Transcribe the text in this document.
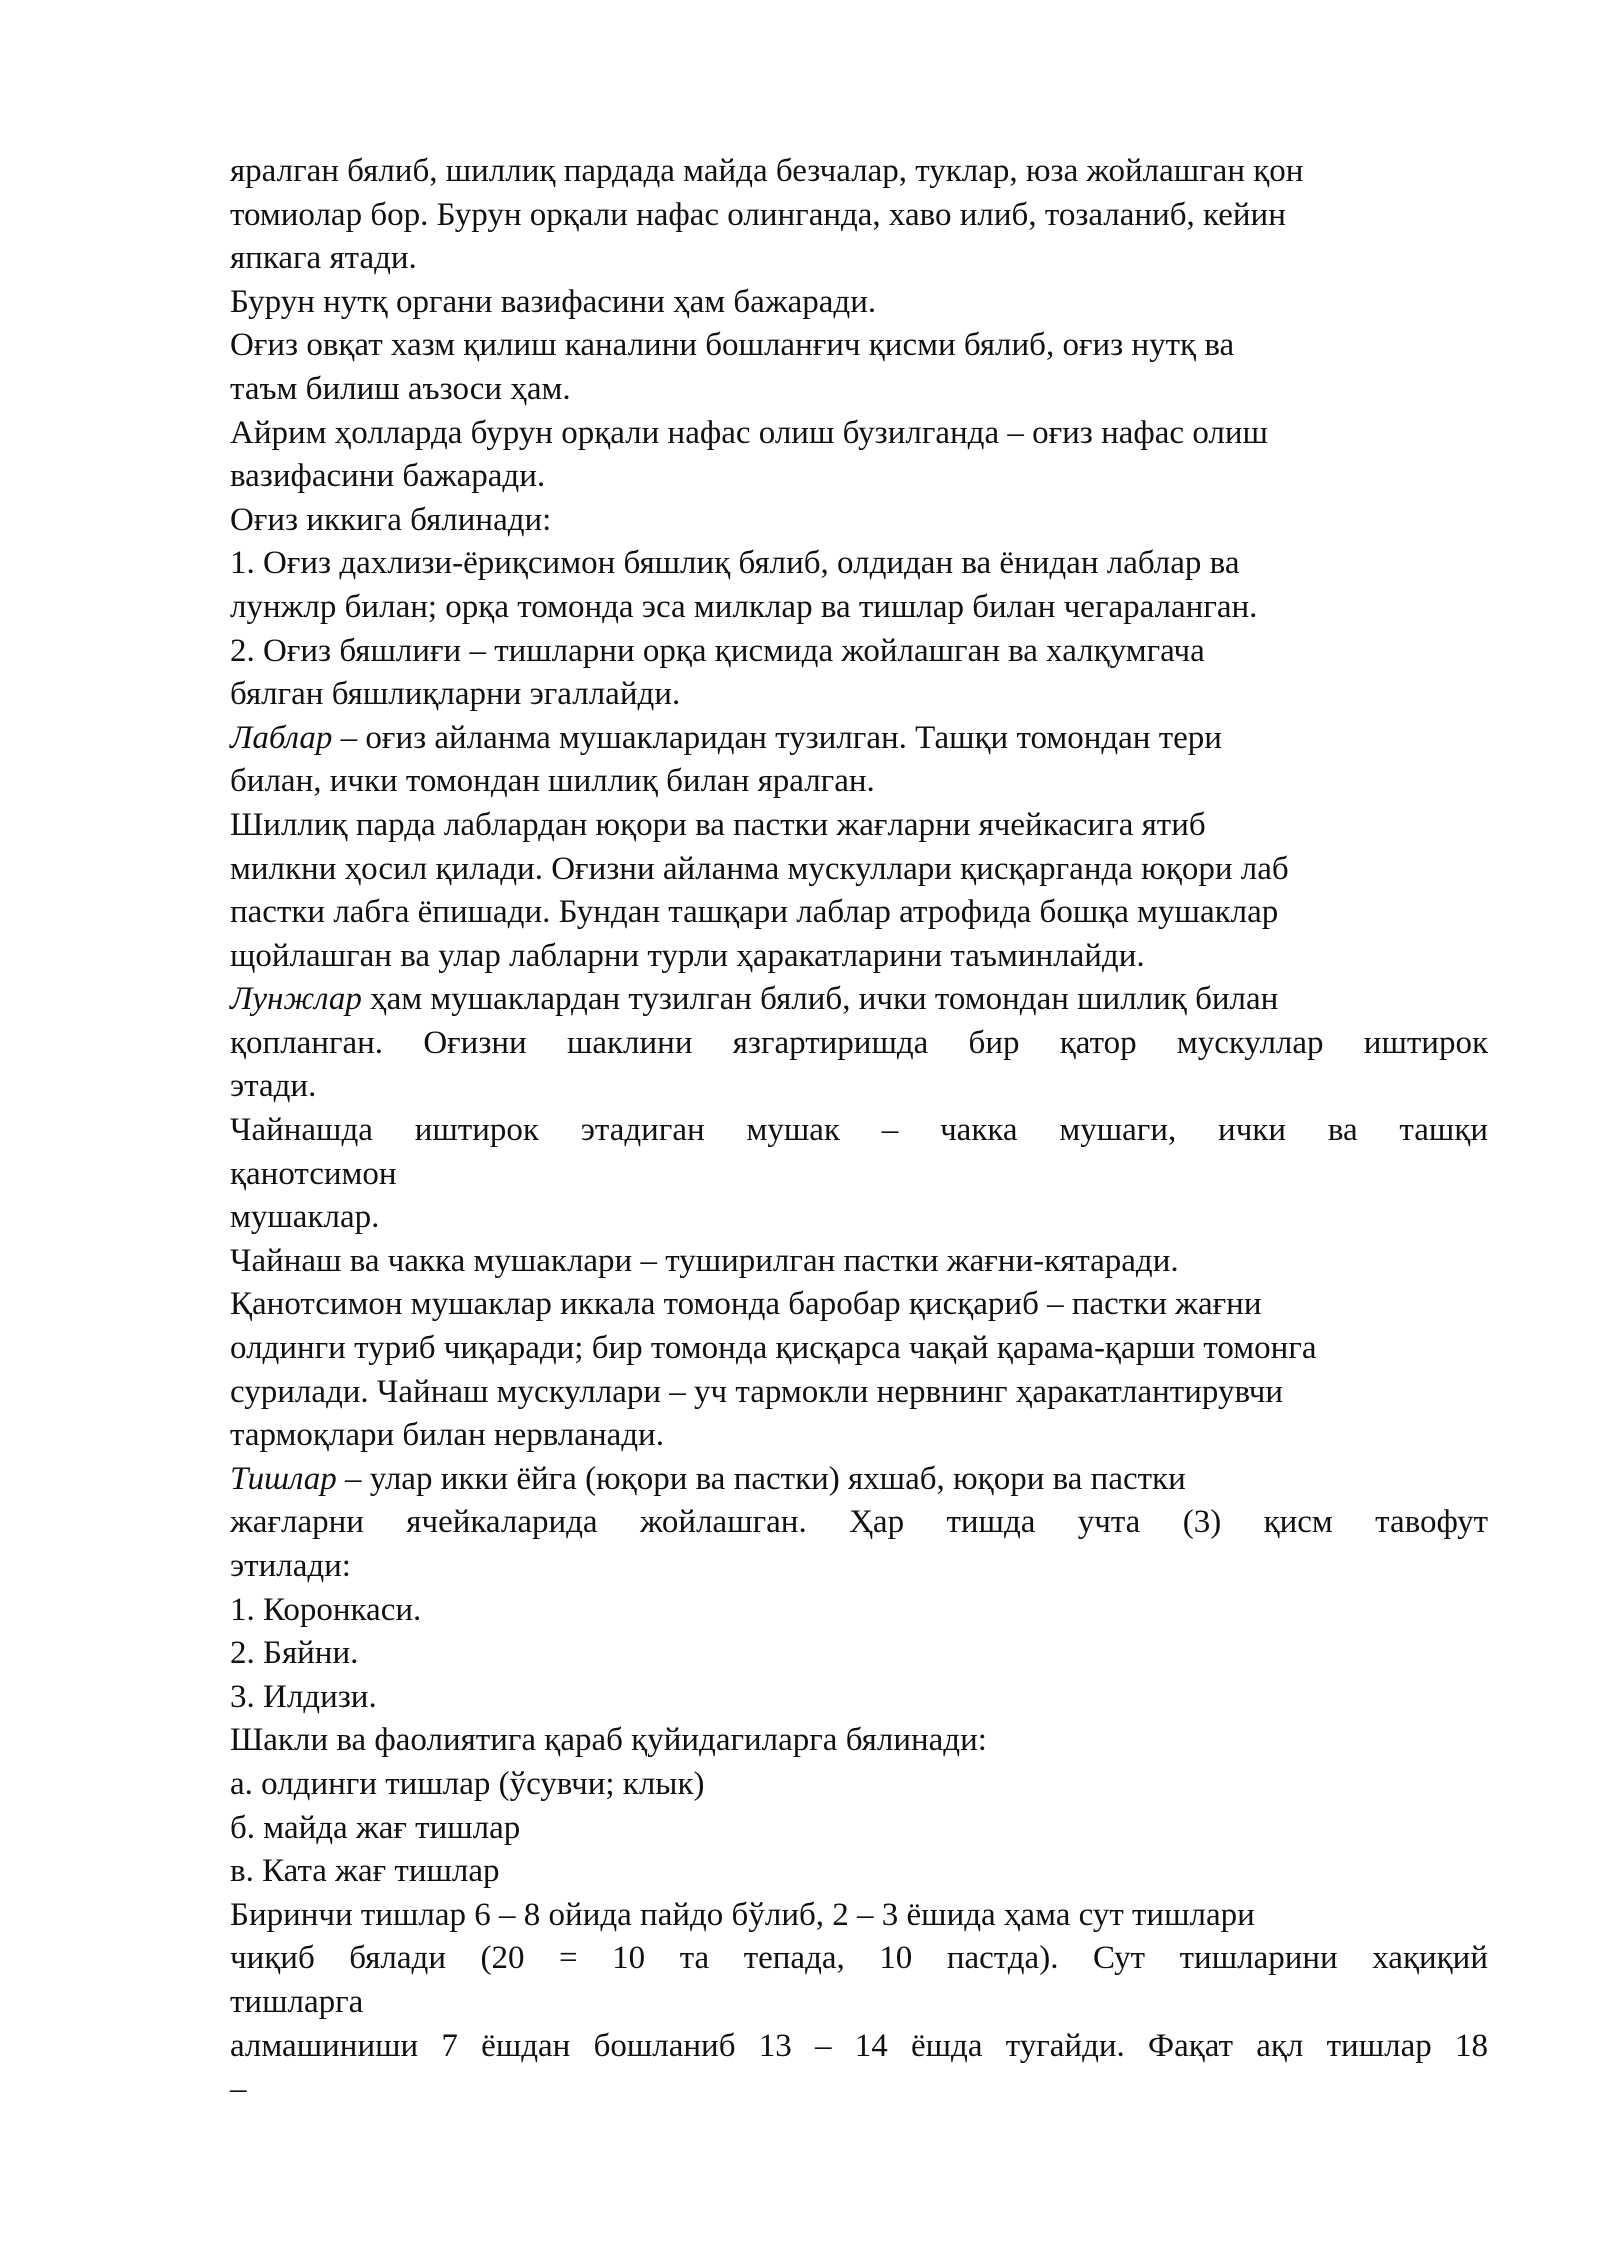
яралган бялиб, шиллиқ пардада майда безчалар, туклар, юза жойлашган қон
томиолар бор. Бурун орқали нафас олинганда, хаво илиб, тозаланиб, кейин
япкага ятади.
Бурун нутқ органи вазифасини ҳам бажаради.
Оғиз овқат хазм қилиш каналини бошланғич қисми бялиб, оғиз нутқ ва
таъм билиш аъзоси ҳам.
Айрим ҳолларда бурун орқали нафас олиш бузилганда – оғиз нафас олиш
вазифасини бажаради.
Оғиз иккига бялинади:
1. Оғиз дахлизи-ёриқсимон бяшлиқ бялиб, олдидан ва ёнидан лаблар ва
лунжлр билан; орқа томонда эса милклар ва тишлар билан чегараланган.
2. Оғиз бяшлиғи – тишларни орқа қисмида жойлашган ва халқумгача
бялган бяшлиқларни эгаллайди.
Лаблар – оғиз айланма мушакларидан тузилган. Ташқи томондан тери
билан, ички томондан шиллиқ билан яралган.
Шиллиқ парда лаблардан юқори ва пастки жағларни ячейкасига ятиб
милкни ҳосил қилади. Оғизни айланма мускуллари қисқарганда юқори лаб
пастки лабга ёпишади. Бундан ташқари лаблар атрофида бошқа мушаклар
щойлашган ва улар лабларни турли ҳаракатларини таъминлайди.
Лунжлар ҳам мушаклардан тузилган бялиб, ички томондан шиллиқ билан
қопланган. Оғизни шаклини язгартиришда бир қатор мускуллар иштирок
этади.
Чайнашда иштирок этадиган мушак – чакка мушаги, ички ва ташқи
қанотсимон
мушаклар.
Чайнаш ва чакка мушаклари – туширилган пастки жағни-кятаради.
Қанотсимон мушаклар иккала томонда баробар қисқариб – пастки жағни
олдинги туриб чиқаради; бир томонда қисқарса чақай қарама-қарши томонга
сурилади. Чайнаш мускуллари – уч тармокли нервнинг ҳаракатлантирувчи
тармоқлари билан нервланади.
Тишлар – улар икки ёйга (юқори ва пастки) яхшаб, юқори ва пастки
жағларни ячейкаларида жойлашган. Ҳар тишда учта (3) қисм тавофут
этилади:
1. Коронкаси.
2. Бяйни.
3. Илдизи.
Шакли ва фаолиятига қараб қуйидагиларга бялинади:
а. олдинги тишлар (ўсувчи; клык)
б. майда жағ тишлар
в. Ката жағ тишлар
Биринчи тишлар 6 – 8 ойида пайдо бўлиб, 2 – 3 ёшида ҳама сут тишлари
чиқиб бялади (20 = 10 та тепада, 10 пастда). Сут тишларини хақиқий
тишларга
алмашиниши 7 ёшдан бошланиб 13 – 14 ёшда тугайди. Фақат ақл тишлар 18
–
